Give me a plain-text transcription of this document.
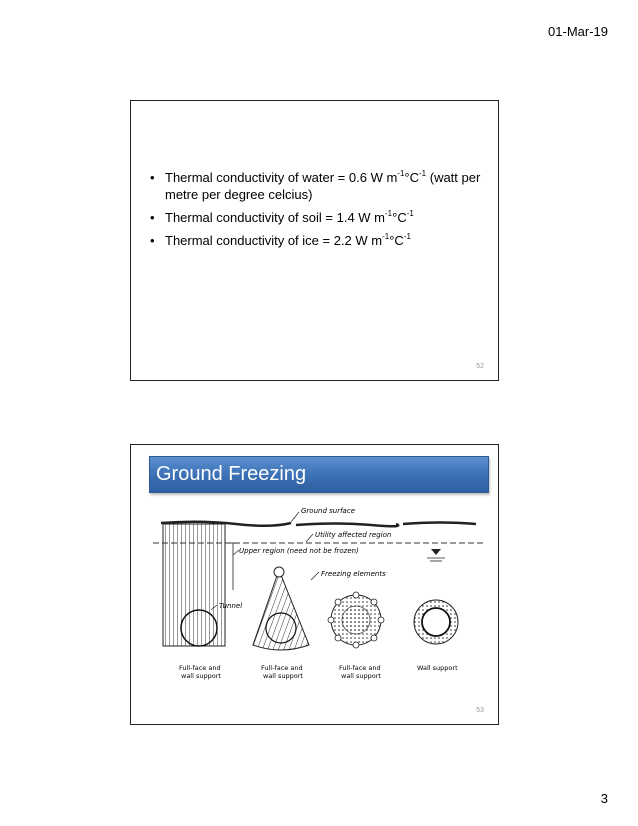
01-Mar-19
• Thermal conductivity of water = 0.6 W $m^{-1}^\circ C^{-1}$ (watt per metre per degree celcius)
• Thermal conductivity of soil = 1.4 W $m^{-1}^\circ C^{-1}$
• Thermal conductivity of ice = 2.2 W $m^{-1}^\circ C^{-1}$
52
Ground Freezing
Ground surface
Utility affected region
Upper region (need not be frozen)
Freezing elements
Tunnel
Full-face and
wall support
Full-face and
wall support
Full-face and
wall support
Wall support
53
3
